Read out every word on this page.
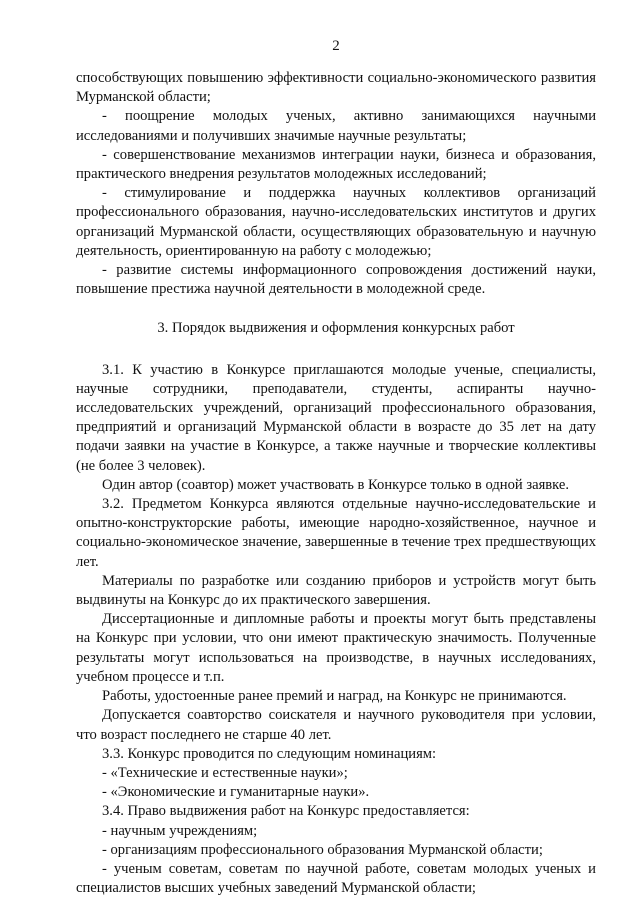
2

способствующих повышению эффективности социально-экономического развития Мурманской области;

- поощрение молодых ученых, активно занимающихся научными исследованиями и получивших значимые научные результаты;

- совершенствование механизмов интеграции науки, бизнеса и образования, практического внедрения результатов молодежных исследований;

- стимулирование и поддержка научных коллективов организаций профессионального образования, научно-исследовательских институтов и других организаций Мурманской области, осуществляющих образовательную и научную деятельность, ориентированную на работу с молодежью;

- развитие системы информационного сопровождения достижений науки, повышение престижа научной деятельности в молодежной среде.

3. Порядок выдвижения и оформления конкурсных работ

3.1. К участию в Конкурсе приглашаются молодые ученые, специалисты, научные сотрудники, преподаватели, студенты, аспиранты научно-исследовательских учреждений, организаций профессионального образования, предприятий и организаций Мурманской области в возрасте до 35 лет на дату подачи заявки на участие в Конкурсе, а также научные и творческие коллективы (не более 3 человек).

Один автор (соавтор) может участвовать в Конкурсе только в одной заявке.

3.2. Предметом Конкурса являются отдельные научно-исследовательские и опытно-конструкторские работы, имеющие народно-хозяйственное, научное и социально-экономическое значение, завершенные в течение трех предшествующих лет.

Материалы по разработке или созданию приборов и устройств могут быть выдвинуты на Конкурс до их практического завершения.

Диссертационные и дипломные работы и проекты могут быть представлены на Конкурс при условии, что они имеют практическую значимость. Полученные результаты могут использоваться на производстве, в научных исследованиях, учебном процессе и т.п.

Работы, удостоенные ранее премий и наград, на Конкурс не принимаются.

Допускается соавторство соискателя и научного руководителя при условии, что возраст последнего не старше 40 лет.

3.3. Конкурс проводится по следующим номинациям:

- «Технические и естественные науки»;

- «Экономические и гуманитарные науки».

3.4. Право выдвижения работ на Конкурс предоставляется:

- научным учреждениям;

- организациям профессионального образования Мурманской области;

- ученым советам, советам по научной работе, советам молодых ученых и специалистов высших учебных заведений Мурманской области;
